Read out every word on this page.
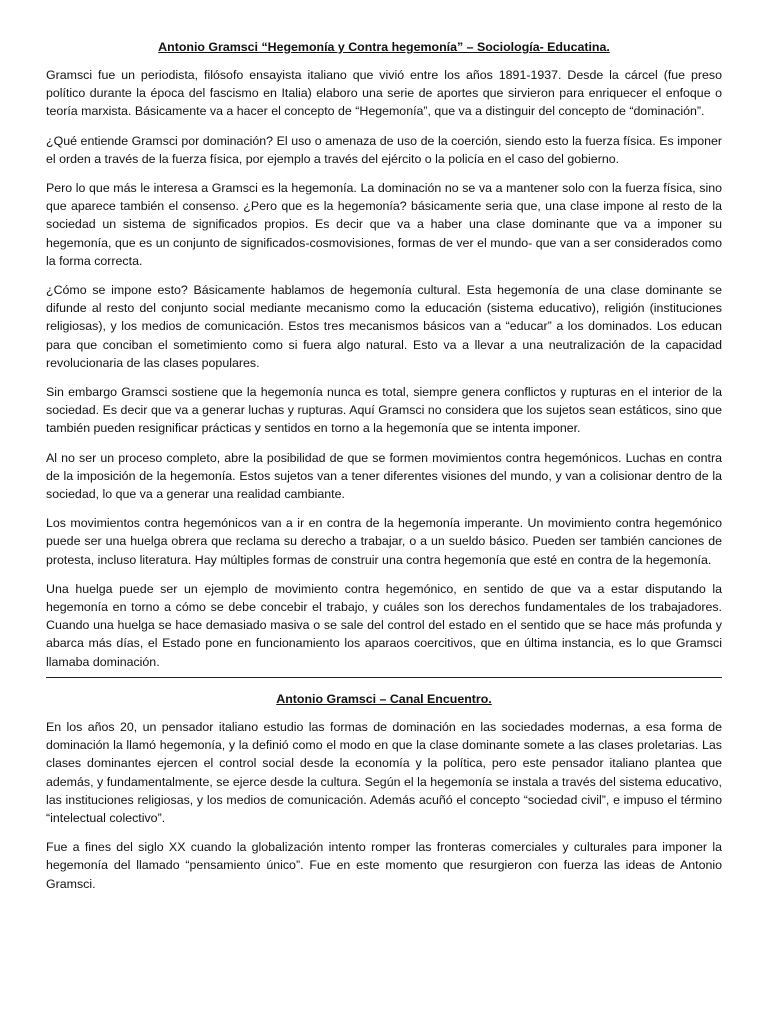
Antonio Gramsci “Hegemonía y Contra hegemonía” – Sociología- Educatina.

Gramsci fue un periodista, filósofo ensayista italiano que vivió entre los años 1891-1937. Desde la cárcel (fue preso político durante la época del fascismo en Italia) elaboro una serie de aportes que sirvieron para enriquecer el enfoque o teoría marxista. Básicamente va a hacer el concepto de “Hegemonía”, que va a distinguir del concepto de “dominación”.

¿Qué entiende Gramsci por dominación? El uso o amenaza de uso de la coerción, siendo esto la fuerza física. Es imponer el orden a través de la fuerza física, por ejemplo a través del ejército o la policía en el caso del gobierno.

Pero lo que más le interesa a Gramsci es la hegemonía. La dominación no se va a mantener solo con la fuerza física, sino que aparece también el consenso. ¿Pero que es la hegemonía? básicamente seria que, una clase impone al resto de la sociedad un sistema de significados propios. Es decir que va a haber una clase dominante que va a imponer su hegemonía, que es un conjunto de significados-cosmovisiones, formas de ver el mundo- que van a ser considerados como la forma correcta.

¿Cómo se impone esto? Básicamente hablamos de hegemonía cultural. Esta hegemonía de una clase dominante se difunde al resto del conjunto social mediante mecanismo como la educación (sistema educativo), religión (instituciones religiosas), y los medios de comunicación. Estos tres mecanismos básicos van a “educar” a los dominados. Los educan para que conciban el sometimiento como si fuera algo natural. Esto va a llevar a una neutralización de la capacidad revolucionaria de las clases populares.

Sin embargo Gramsci sostiene que la hegemonía nunca es total, siempre genera conflictos y rupturas en el interior de la sociedad. Es decir que va a generar luchas y rupturas. Aquí Gramsci no considera que los sujetos sean estáticos, sino que también pueden resignificar prácticas y sentidos en torno a la hegemonía que se intenta imponer.

Al no ser un proceso completo, abre la posibilidad de que se formen movimientos contra hegemónicos. Luchas en contra de la imposición de la hegemonía. Estos sujetos van a tener diferentes visiones del mundo, y van a colisionar dentro de la sociedad, lo que va a generar una realidad cambiante.

Los movimientos contra hegemónicos van a ir en contra de la hegemonía imperante. Un movimiento contra hegemónico puede ser una huelga obrera que reclama su derecho a trabajar, o a un sueldo básico. Pueden ser también canciones de protesta, incluso literatura. Hay múltiples formas de construir una contra hegemonía que esté en contra de la hegemonía.

Una huelga puede ser un ejemplo de movimiento contra hegemónico, en sentido de que va a estar disputando la hegemonía en torno a cómo se debe concebir el trabajo, y cuáles son los derechos fundamentales de los trabajadores. Cuando una huelga se hace demasiado masiva o se sale del control del estado en el sentido que se hace más profunda y abarca más días, el Estado pone en funcionamiento los aparaos coercitivos, que en última instancia, es lo que Gramsci llamaba dominación.

Antonio Gramsci – Canal Encuentro.

En los años 20, un pensador italiano estudio las formas de dominación en las sociedades modernas, a esa forma de dominación la llamó hegemonía, y la definió como el modo en que la clase dominante somete a las clases proletarias. Las clases dominantes ejercen el control social desde la economía y la política, pero este pensador italiano plantea que además, y fundamentalmente, se ejerce desde la cultura. Según el la hegemonía se instala a través del sistema educativo, las instituciones religiosas, y los medios de comunicación. Además acuñó el concepto “sociedad civil”, e impuso el término “intelectual colectivo”.

Fue a fines del siglo XX cuando la globalización intento romper las fronteras comerciales y culturales para imponer la hegemonía del llamado “pensamiento único”. Fue en este momento que resurgieron con fuerza las ideas de Antonio Gramsci.
